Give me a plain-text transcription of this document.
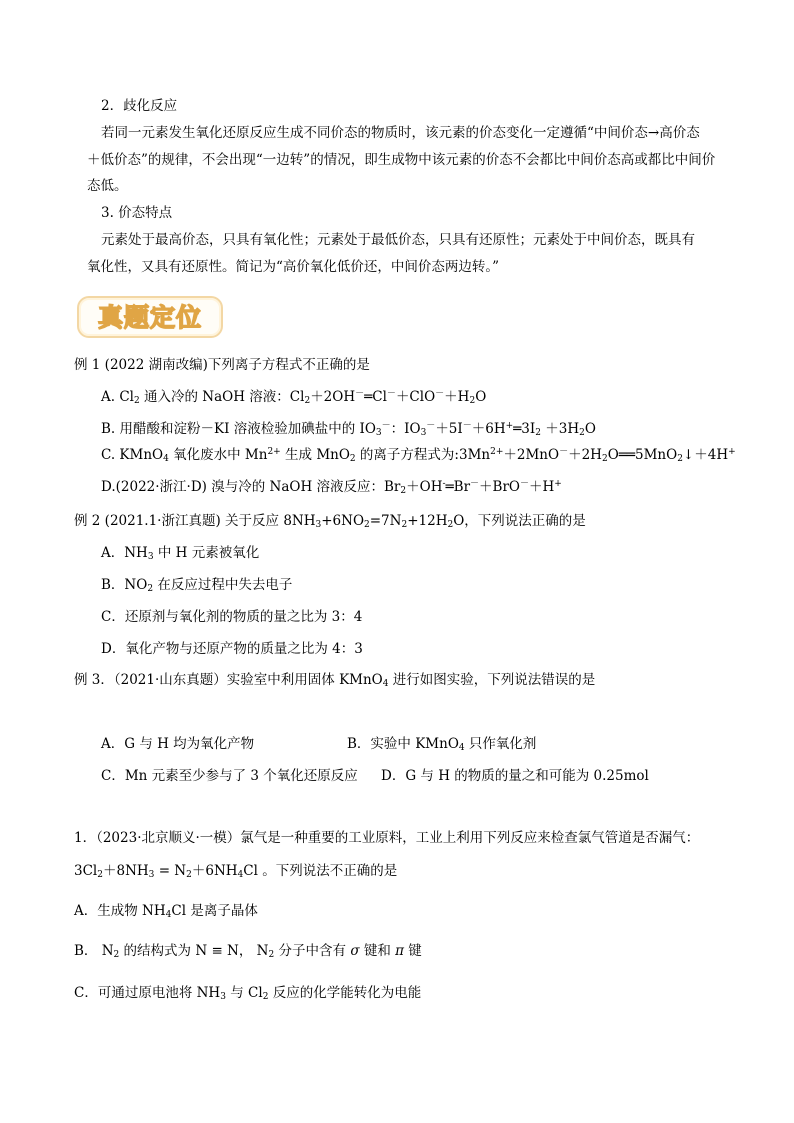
真题定位
2．歧化反应
若同一元素发生氧化还原反应生成不同价态的物质时，该元素的价态变化一定遵循“中间价态→高价态
＋低价态”的规律，不会出现“一边转”的情况，即生成物中该元素的价态不会都比中间价态高或都比中间价
态低。
3. 价态特点
元素处于最高价态，只具有氧化性；元素处于最低价态，只具有还原性；元素处于中间价态，既具有
氧化性，又具有还原性。简记为“高价氧化低价还，中间价态两边转。”
例 1 (2022 湖南改编)下列离子方程式不正确的是
A. $Cl_2$ 通入冷的 NaOH 溶液：$Cl_2+2OH^-═Cl^-+ClO^-+H_2O$
B. 用醋酸和淀粉－KI 溶液检验加碘盐中的 $IO_3^-$：$IO_3^-+5I^-+6H^+═3I_2 +3H_2O$
C. KMnO$_4$ 氧化废水中 $Mn^{2+}$ 生成 MnO$_2$ 的离子方程式为$:3Mn^{2+}+2MnO^-+2H_2O══5MnO_2↓+4H^+$
D.(2022·浙江·D) 溴与冷的 NaOH 溶液反应：$Br_2+OH^-═Br^-+BrO^-+H^+$
例 2 (2021.1·浙江真题) 关于反应 $8NH_3+6NO_2=7N_2+12H_2O$，下列说法正确的是
A．$NH_3$ 中 H 元素被氧化
B．$NO_2$ 在反应过程中失去电子
C．还原剂与氧化剂的物质的量之比为 3：4
D．氧化产物与还原产物的质量之比为 4：3
例 3．（2021·山东真题）实验室中利用固体 KMnO$_4$ 进行如图实验，下列说法错误的是
A．G 与 H 均为氧化产物	B．实验中 KMnO$_4$ 只作氧化剂
C．Mn 元素至少参与了 3 个氧化还原反应 D．G 与 H 的物质的量之和可能为 0.25mol
1．（2023·北京顺义·一模）氯气是一种重要的工业原料，工业上利用下列反应来检查氯气管道是否漏气：
$3Cl_2+8NH_3 = N_2+6NH_4Cl$ 。下列说法不正确的是
A．生成物 $NH_4Cl$ 是离子晶体
B． $N_2$ 的结构式为 N ≡ N， $N_2$ 分子中含有 σ 键和 π 键
C．可通过原电池将 $NH_3$ 与 $Cl_2$ 反应的化学能转化为电能
